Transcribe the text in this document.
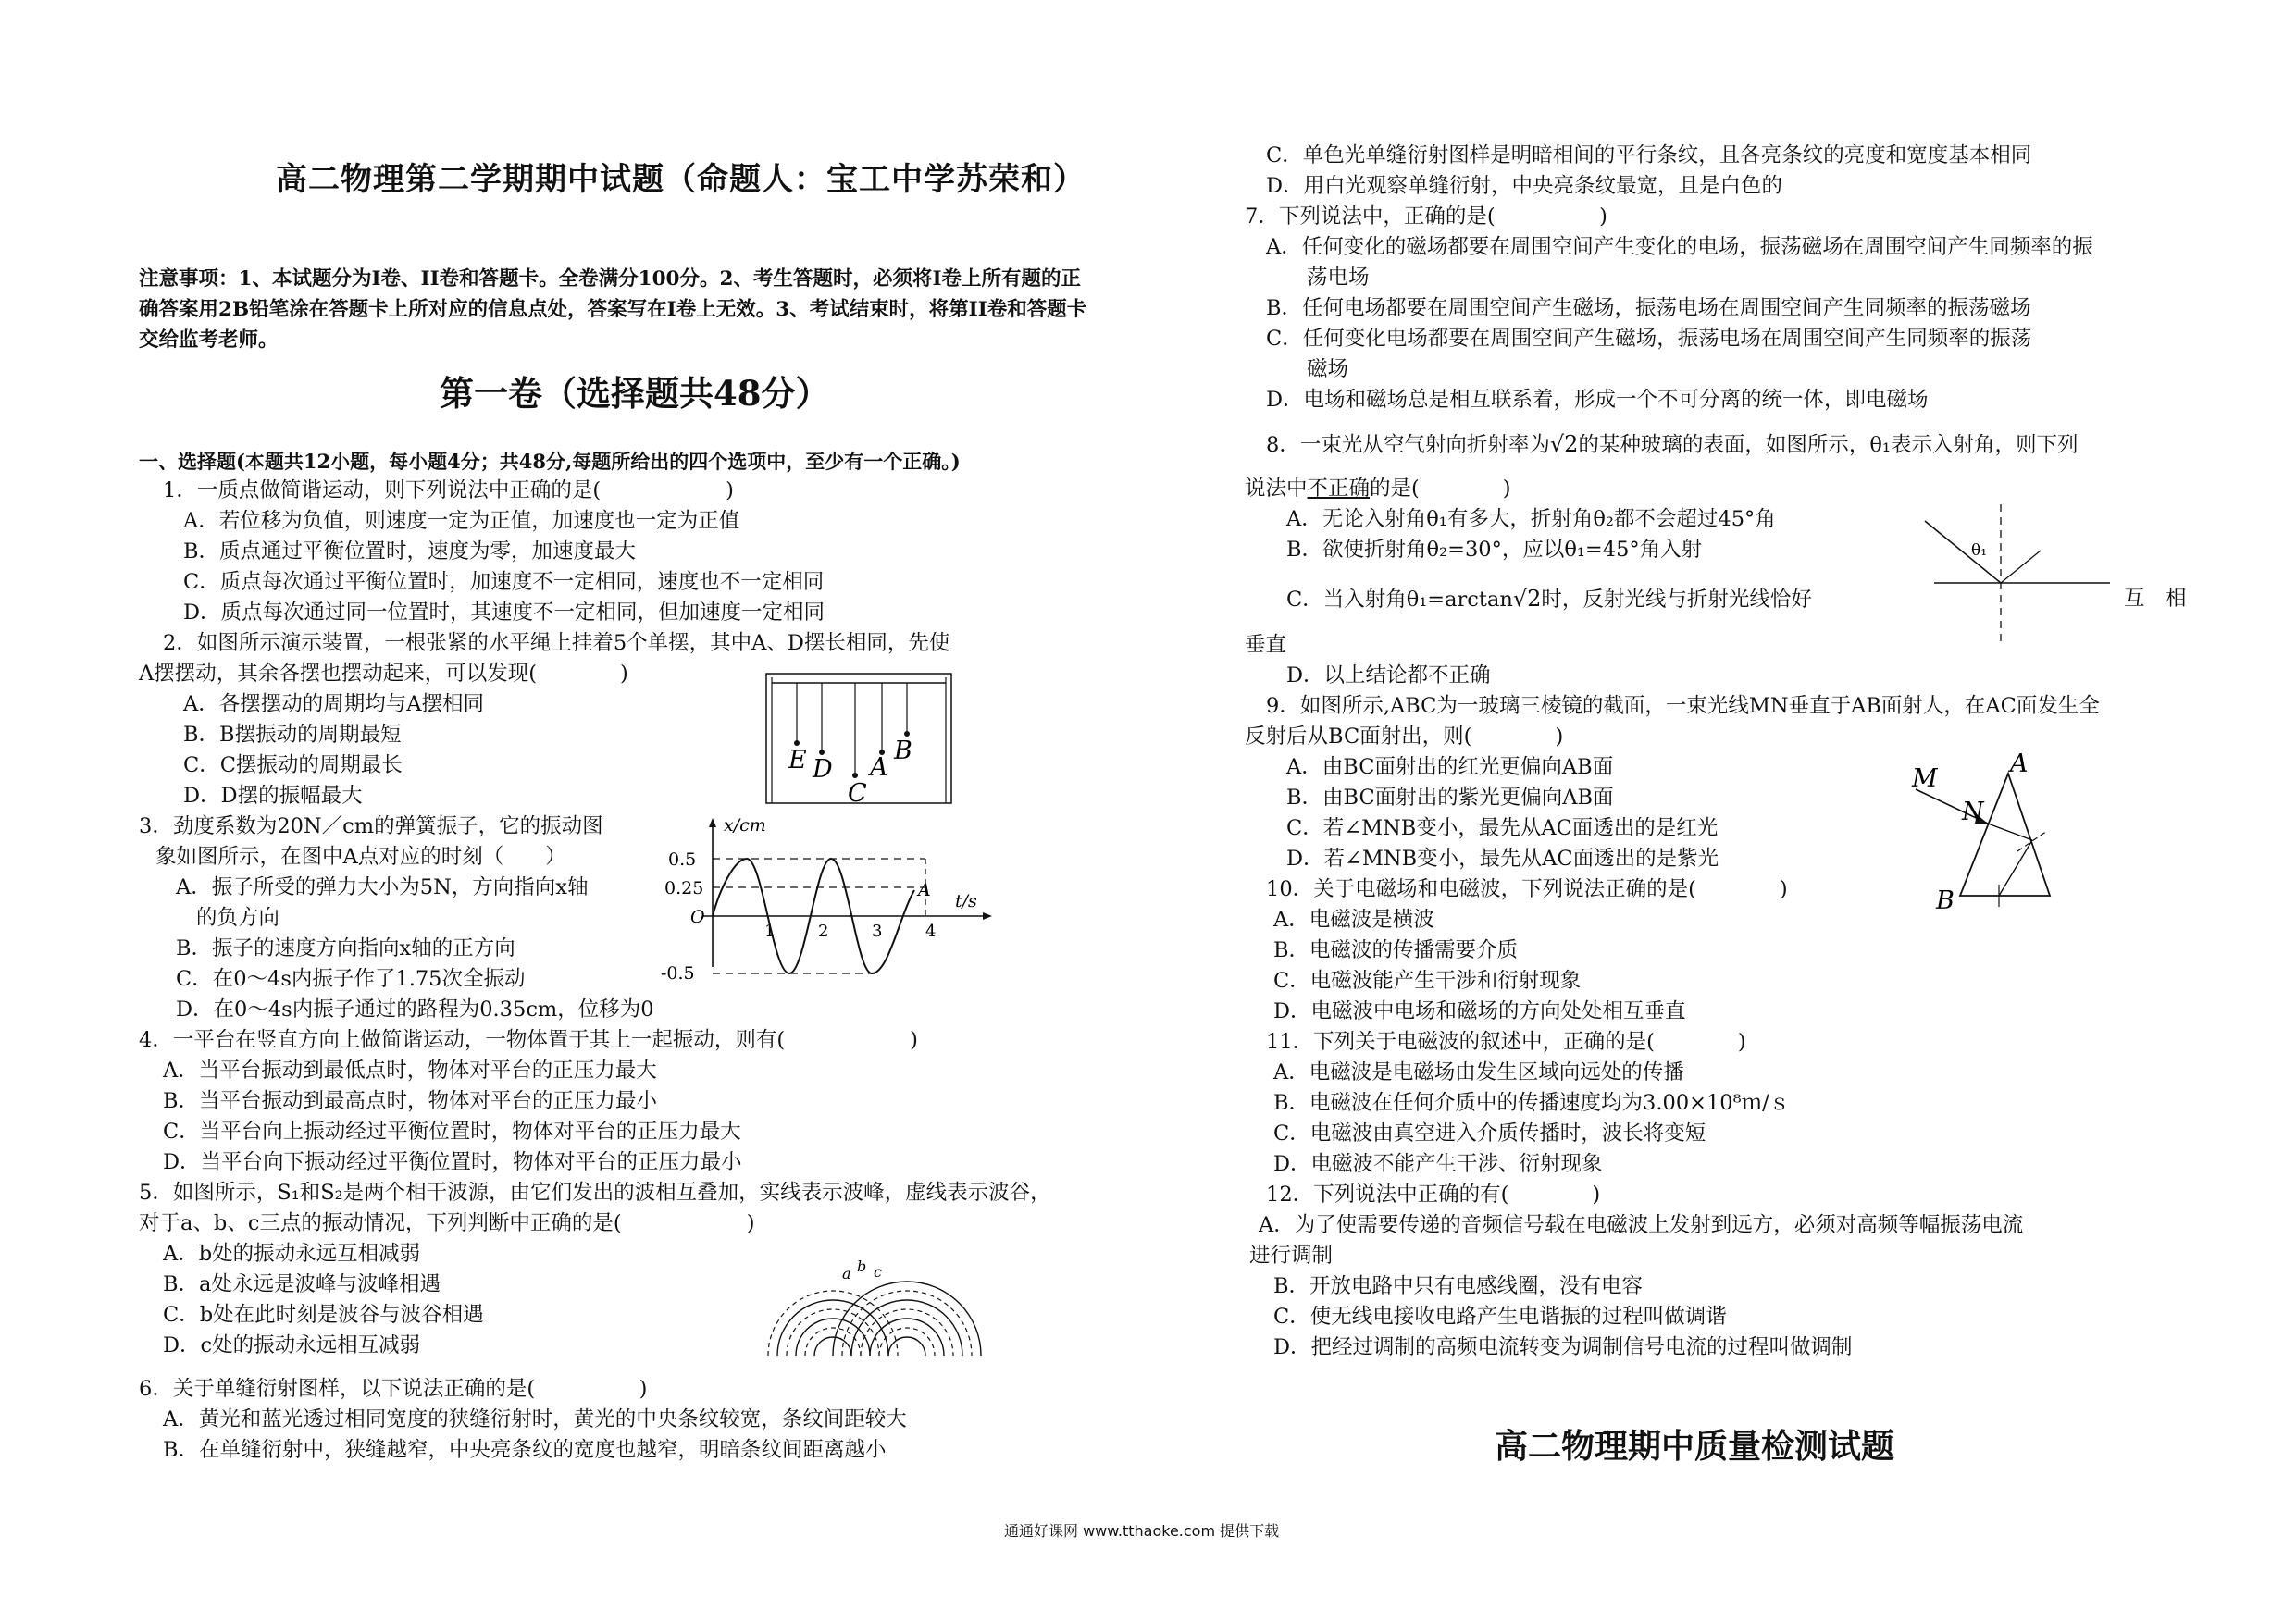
高二物理第二学期期中试题（命题人：宝工中学苏荣和）
注意事项：1、本试题分为Ⅰ卷、II卷和答题卡。全卷满分100分。2、考生答题时，必须将Ⅰ卷上所有题的正
确答案用2B铅笔涂在答题卡上所对应的信息点处，答案写在Ⅰ卷上无效。3、考试结束时，将第II卷和答题卡
交给监考老师。
第一卷（选择题共48分）
一、选择题(本题共12小题，每小题4分；共48分,每题所给出的四个选项中，至少有一个正确。)
1．一质点做简谐运动，则下列说法中正确的是(　　　　　　)
A．若位移为负值，则速度一定为正值，加速度也一定为正值
B．质点通过平衡位置时，速度为零，加速度最大
C．质点每次通过平衡位置时，加速度不一定相同，速度也不一定相同
D．质点每次通过同一位置时，其速度不一定相同，但加速度一定相同
2．如图所示演示装置，一根张紧的水平绳上挂着5个单摆，其中A、D摆长相同，先使
A摆摆动，其余各摆也摆动起来，可以发现(　　　　)
A．各摆摆动的周期均与A摆相同
B．B摆振动的周期最短
C．C摆振动的周期最长
D．D摆的振幅最大
E D
C
A
B
3．劲度系数为20N／cm的弹簧振子，它的振动图
象如图所示，在图中A点对应的时刻（　　）
A．振子所受的弹力大小为5N，方向指向x轴
的负方向
B．振子的速度方向指向x轴的正方向
C．在0～4s内振子作了1.75次全振动
D．在0～4s内振子通过的路程为0.35cm，位移为0
x/cm
t/s
0.5
0.25
O
-0.5
1	2	3	4
A
4．一平台在竖直方向上做简谐运动，一物体置于其上一起振动，则有(　　　　　　)
A．当平台振动到最低点时，物体对平台的正压力最大
B．当平台振动到最高点时，物体对平台的正压力最小
C．当平台向上振动经过平衡位置时，物体对平台的正压力最大
D．当平台向下振动经过平衡位置时，物体对平台的正压力最小
5．如图所示，S₁和S₂是两个相干波源，由它们发出的波相互叠加，实线表示波峰，虚线表示波谷，
对于a、b、c三点的振动情况，下列判断中正确的是(　　　　　　)
A．b处的振动永远互相减弱
B．a处永远是波峰与波峰相遇
C．b处在此时刻是波谷与波谷相遇
D．c处的振动永远相互减弱
a b c
6．关于单缝衍射图样，以下说法正确的是(　　　　　)
A．黄光和蓝光透过相同宽度的狭缝衍射时，黄光的中央条纹较宽，条纹间距较大
B．在单缝衍射中，狭缝越窄，中央亮条纹的宽度也越窄，明暗条纹间距离越小
C．单色光单缝衍射图样是明暗相间的平行条纹，且各亮条纹的亮度和宽度基本相同
D．用白光观察单缝衍射，中央亮条纹最宽，且是白色的
7．下列说法中，正确的是(　　　　　)
A．任何变化的磁场都要在周围空间产生变化的电场，振荡磁场在周围空间产生同频率的振
荡电场
B．任何电场都要在周围空间产生磁场，振荡电场在周围空间产生同频率的振荡磁场
C．任何变化电场都要在周围空间产生磁场，振荡电场在周围空间产生同频率的振荡
磁场
D．电场和磁场总是相互联系着，形成一个不可分离的统一体，即电磁场
8．一束光从空气射向折射率为√2的某种玻璃的表面，如图所示，θ₁表示入射角，则下列
说法中不正确的是(　　　　)
A．无论入射角θ₁有多大，折射角θ₂都不会超过45°角
B．欲使折射角θ₂=30°，应以θ₁=45°角入射
C．当入射角θ₁=arctan√2时，反射光线与折射光线恰好	互　相
垂直
D．以上结论都不正确
θ₁
9．如图所示,ABC为一玻璃三棱镜的截面，一束光线MN垂直于AB面射人，在AC面发生全
反射后从BC面射出，则(　　　　)
A．由BC面射出的红光更偏向AB面
B．由BC面射出的紫光更偏向AB面
C．若∠MNB变小，最先从AC面透出的是红光
D．若∠MNB变小，最先从AC面透出的是紫光
M
N
A
B
10．关于电磁场和电磁波，下列说法正确的是(　　　　)
A．电磁波是横波
B．电磁波的传播需要介质
C．电磁波能产生干涉和衍射现象
D．电磁波中电场和磁场的方向处处相互垂直
11．下列关于电磁波的叙述中，正确的是(　　　　)
A．电磁波是电磁场由发生区域向远处的传播
B．电磁波在任何介质中的传播速度均为3.00×10⁸ｍ/ｓ
C．电磁波由真空进入介质传播时，波长将变短
D．电磁波不能产生干涉、衍射现象
12．下列说法中正确的有(　　　　)
A．为了使需要传递的音频信号载在电磁波上发射到远方，必须对高频等幅振荡电流
进行调制
B．开放电路中只有电感线圈，没有电容
C．使无线电接收电路产生电谐振的过程叫做调谐
D．把经过调制的高频电流转变为调制信号电流的过程叫做调制
高二物理期中质量检测试题
通通好课网 www.tthaoke.com 提供下载
